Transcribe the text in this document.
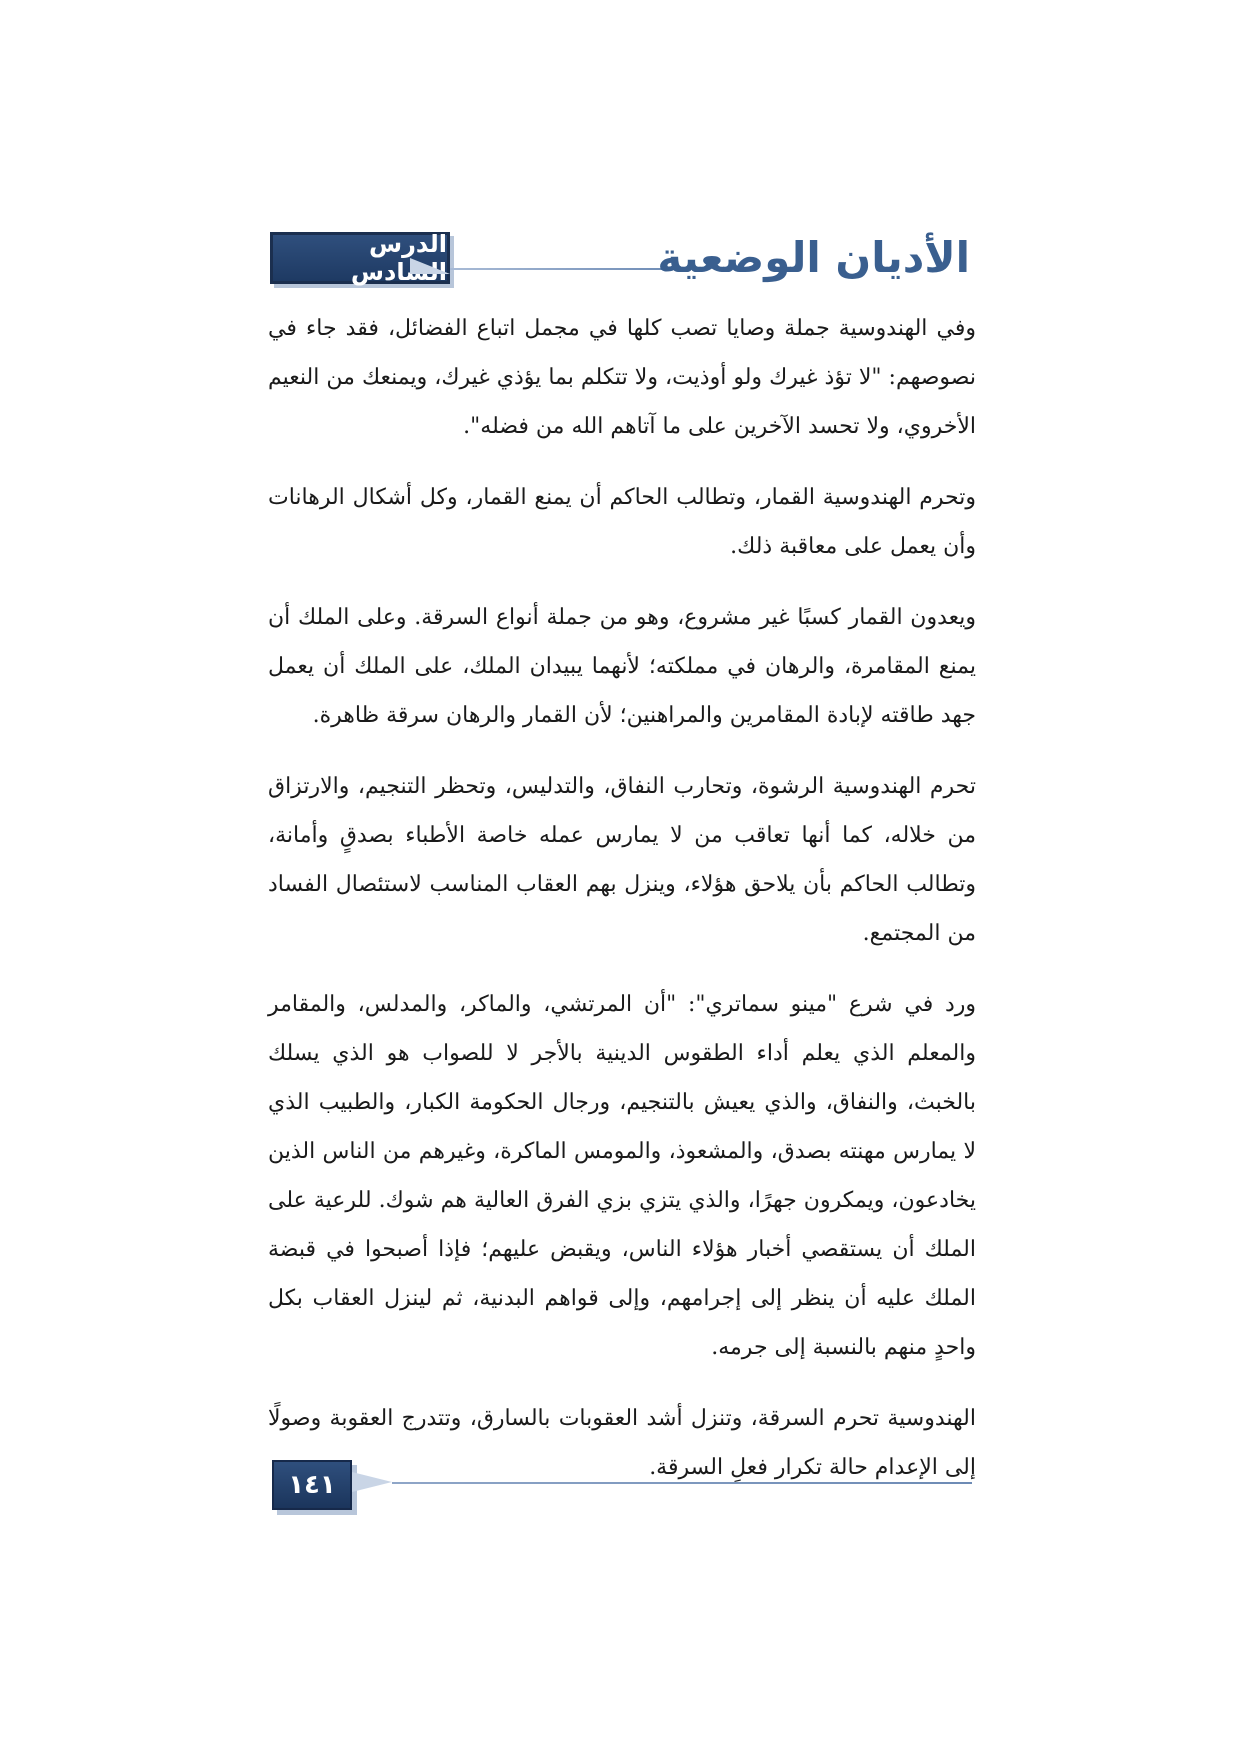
الدرس السادس	الأديان الوضعية

وفي الهندوسية جملة وصايا تصب كلها في مجمل اتباع الفضائل، فقد جاء في نصوصهم: "لا تؤذ غيرك ولو أوذيت، ولا تتكلم بما يؤذي غيرك، ويمنعك من النعيم الأخروي، ولا تحسد الآخرين على ما آتاهم الله من فضله".

وتحرم الهندوسية القمار، وتطالب الحاكم أن يمنع القمار، وكل أشكال الرهانات وأن يعمل على معاقبة ذلك.

ويعدون القمار كسبًا غير مشروع، وهو من جملة أنواع السرقة. وعلى الملك أن يمنع المقامرة، والرهان في مملكته؛ لأنهما يبيدان الملك، على الملك أن يعمل جهد طاقته لإبادة المقامرين والمراهنين؛ لأن القمار والرهان سرقة ظاهرة.

تحرم الهندوسية الرشوة، وتحارب النفاق، والتدليس، وتحظر التنجيم، والارتزاق من خلاله، كما أنها تعاقب من لا يمارس عمله خاصة الأطباء بصدقٍ وأمانة، وتطالب الحاكم بأن يلاحق هؤلاء، وينزل بهم العقاب المناسب لاستئصال الفساد من المجتمع.

ورد في شرع "مينو سماتري": "أن المرتشي، والماكر، والمدلس، والمقامر والمعلم الذي يعلم أداء الطقوس الدينية بالأجر لا للصواب هو الذي يسلك بالخبث، والنفاق، والذي يعيش بالتنجيم، ورجال الحكومة الكبار، والطبيب الذي لا يمارس مهنته بصدق، والمشعوذ، والمومس الماكرة، وغيرهم من الناس الذين يخادعون، ويمكرون جهرًا، والذي يتزي بزي الفرق العالية هم شوك. للرعية على الملك أن يستقصي أخبار هؤلاء الناس، ويقبض عليهم؛ فإذا أصبحوا في قبضة الملك عليه أن ينظر إلى إجرامهم، وإلى قواهم البدنية، ثم لينزل العقاب بكل واحدٍ منهم بالنسبة إلى جرمه.

الهندوسية تحرم السرقة، وتنزل أشد العقوبات بالسارق، وتتدرج العقوبة وصولًا إلى الإعدام حالة تكرار فعلِ السرقة.

١٤١
